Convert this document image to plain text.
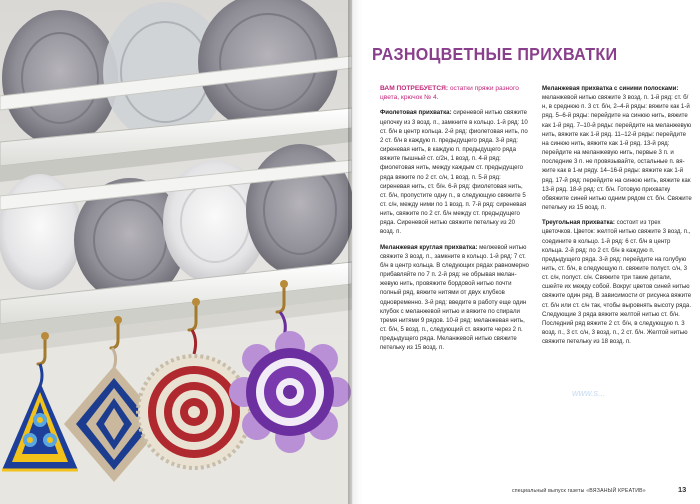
РАЗНОЦВЕТНЫЕ ПРИХВАТКИ

ВАМ ПОТРЕБУЕТСЯ: остатки пряжи разного цвета, крючок № 4.

Фиолетовая прихватка: сиреневой нитью свяжите цепочку из 3 возд. п., замкните в кольцо. 1-й ряд: 10 ст. б/н в центр кольца. 2-й ряд: фиолетовая нить, по 2 ст. б/н в каждую п. предыдущего ряда. 3-й ряд: сиреневая нить, в каждую п. предыдущего ряда вяжите пышный ст. с/2н, 1 возд. п. 4-й ряд: фиолетовая нить, между каждым ст. предыдущего ряда вяжите по 2 ст. с/н, 1 возд. п. 5-й ряд: сиреневая нить, ст. б/н. 6-й ряд: фиолетовая нить, ст. б/н, пропустите одну п., в следующую свяжите 5 ст. с/н, между ними по 1 возд. п. 7-й ряд: сиреневая нить, свяжите по 2 ст. б/н между ст. предыдущего ряда. Сиреневой нитью свяжите петельку из 20 возд. п.

Меланжевая круглая прихватка: мелжевой нитью свяжите 3 возд. п., замкните в кольцо. 1-й ряд: 7 ст. б/н в центр кольца. В следующих рядах равномерно прибавляйте по 7 п. 2-й ряд: не обрывая меланжевую нить, провяжите бордовой нитью почти полный ряд, вяжите нитями от двух клубков одновременно. 3-й ряд: введите в работу еще один клубок с меланжевой нитью и вяжите по спирали тремя нитями 9 рядов. 10-й ряд: меланжевая нить, ст. б/н, 5 возд. п., следующий ст. вяжите через 2 п. предыдущего ряда. Меланжевой нитью свяжите петельку из 15 возд. п.

Меланжевая прихватка с синими полосками: меланжевой нитью свяжите 3 возд. п. 1-й ряд: ст. б/н, в среднюю п. 3 ст. б/н, 2–4-й ряды: вяжите как 1-й ряд. 5–6-й ряды: перейдите на синюю нить, вяжите как 1-й ряд. 7–10-й ряды: перейдите на меланжевую нить, вяжите как 1-й ряд. 11–12-й ряды: перейдите на синюю нить, вяжите как 1-й ряд. 13-й ряд: перейдите на меланжевую нить, первые 3 п. и последние 3 п. не провязывайте, остальные п. вяжите как в 1-м ряду. 14–16-й ряды: вяжите как 1-й ряд. 17-й ряд: перейдите на синюю нить, вяжите как 13-й ряд. 18-й ряд: ст. б/н. Готовую прихватку обвяжите синей нитью одним рядом ст. б/н. Свяжите петельку из 15 возд. п.

Треугольная прихватка: состоит из трех цветочков. Цветок: желтой нитью свяжите 3 возд. п., соедините в кольцо. 1-й ряд: 6 ст. б/н в центр кольца. 2-й ряд: по 2 ст. б/н в каждую п. предыдущего ряда. 3-й ряд: перейдите на голубую нить, ст. б/н, в следующую п. свяжите полуст. с/н, 3 ст. с/н, полуст. с/н. Свяжите три такие детали, сшейте их между собой. Вокруг цветов синей нитью свяжите один ряд. В зависимости от рисунка вяжите ст. б/н или ст. с/н так, чтобы выровнять высоту ряда. Следующие 3 ряда вяжите желтой нитью ст. б/н. Последний ряд вяжите 2 ст. б/н, в следующую п. 3 возд. п., 3 ст. с/н, 3 возд. п., 2 ст. б/н. Желтой нитью свяжите петельку из 18 возд. п.

www.s...
специальный выпуск газеты «ВЯЗАНЫЙ КРЕАТИВ»	13
